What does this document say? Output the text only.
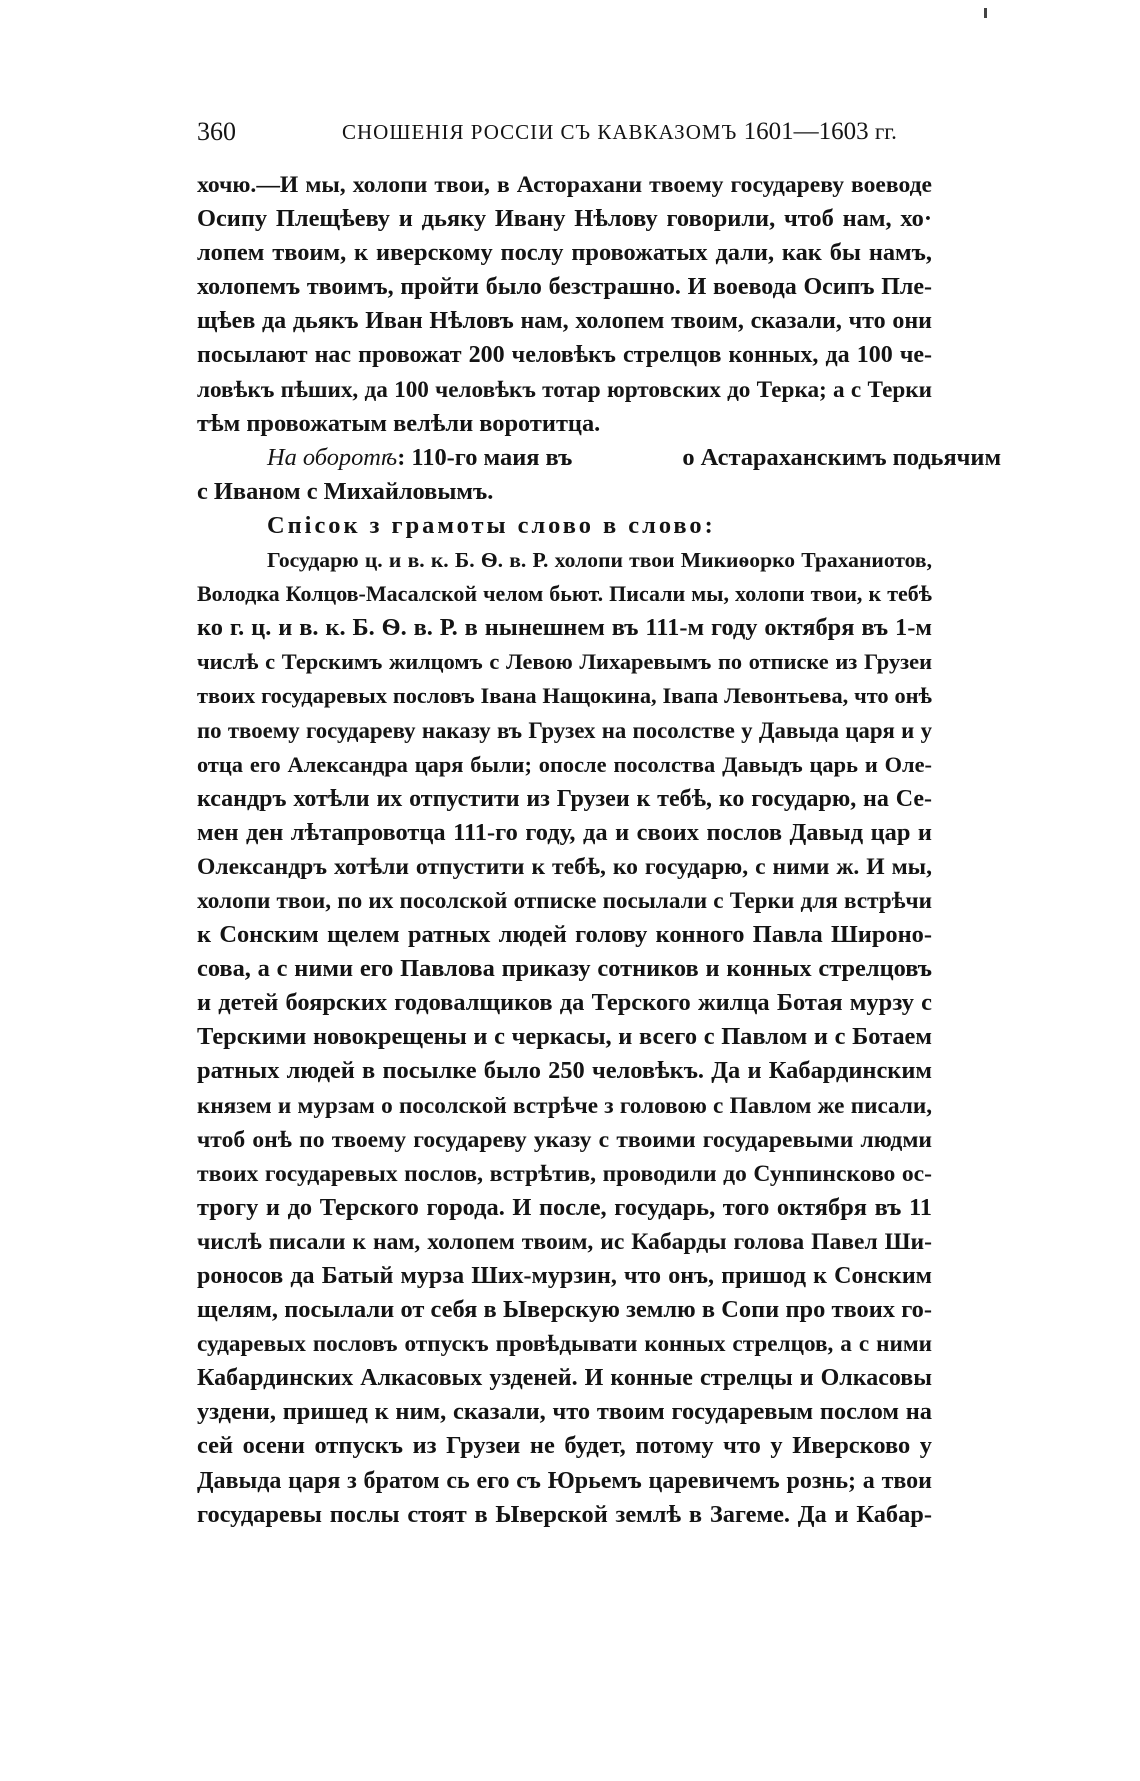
360	СНОШЕНІЯ РОССІИ СЪ КАВКАЗОМЪ 1601—1603 гг.
хочю.—И мы, холопи твои, в Асторахани твоему государеву воеводе
Осипу Плещѣеву и дьяку Ивану Нѣлову говорили, чтоб нам, хо·
лопем твоим, к иверскому послу провожатых дали, как бы намъ,
холопемъ твоимъ, пройти было безстрашно. И воевода Осипъ Пле-
щѣев да дьякъ Иван Нѣловъ нам, холопем твоим, сказали, что они
посылают нас провожат 200 человѣкъ стрелцов конных, да 100 че-
ловѣкъ пѣших, да 100 человѣкъ тотар юртовских до Терка; а с Терки
тѣм провожатым велѣли воротитца.
На оборотѣ: 110-го маия въ	о Астараханскимъ подьячим
с Иваном с Михайловымъ.
Спісок з грамоты слово в слово:
Государю ц. и в. к. Б. Ѳ. в. Р. холопи твои Микиѳорко Траханиотов,
Володка Колцов-Масалской челом бьют. Писали мы, холопи твои, к тебѣ
ко г. ц. и в. к. Б. Ѳ. в. Р. в нынешнем въ 111-м году октября въ 1-м
числѣ с Терскимъ жилцомъ с Левою Лихаревымъ по отписке из Грузеи
твоих государевых пословъ Івана Нащокина, Івапа Левонтьева, что онѣ
по твоему государеву наказу въ Грузех на посолстве у Давыда царя и у
отца его Александра царя были; опосле посолства Давыдъ царь и Оле-
ксандръ хотѣли их отпустити из Грузеи к тебѣ, ко государю, на Се-
мен ден лѣтапровотца 111-го году, да и своих послов Давыд цар и
Олександръ хотѣли отпустити к тебѣ, ко государю, с ними ж. И мы,
холопи твои, по их посолской отписке посылали с Терки для встрѣчи
к Сонским щелем ратных людей голову конного Павла Широно-
сова, а с ними его Павлова приказу сотников и конных стрелцовъ
и детей боярских годовалщиков да Терского жилца Ботая мурзу с
Терскими новокрещены и с черкасы, и всего с Павлом и с Ботаем
ратных людей в посылке было 250 человѣкъ. Да и Кабардинским
князем и мурзам о посолской встрѣче з головою с Павлом же писали,
чтоб онѣ по твоему государеву указу с твоими государевыми людми
твоих государевых послов, встрѣтив, проводили до Сунпинсково ос-
трогу и до Терского города. И после, государь, того октября въ 11
числѣ писали к нам, холопем твоим, ис Кабарды голова Павел Ши-
роносов да Батый мурза Ших-мурзин, что онъ, пришод к Сонским
щелям, посылали от себя в Ыверскую землю в Сопи про твоих го-
сударевых пословъ отпускъ провѣдывати конных стрелцов, а с ними
Кабардинских Алкасовых узденей. И конные стрелцы и Олкасовы
уздени, пришед к ним, сказали, что твоим государевым послом на
сей осени отпускъ из Грузеи не будет, потому что у Иверсково у
Давыда царя з братом сь его съ Юрьемъ царевичемъ рознь; а твои
государевы послы стоят в Ыверской землѣ в Загеме. Да и Кабар-
